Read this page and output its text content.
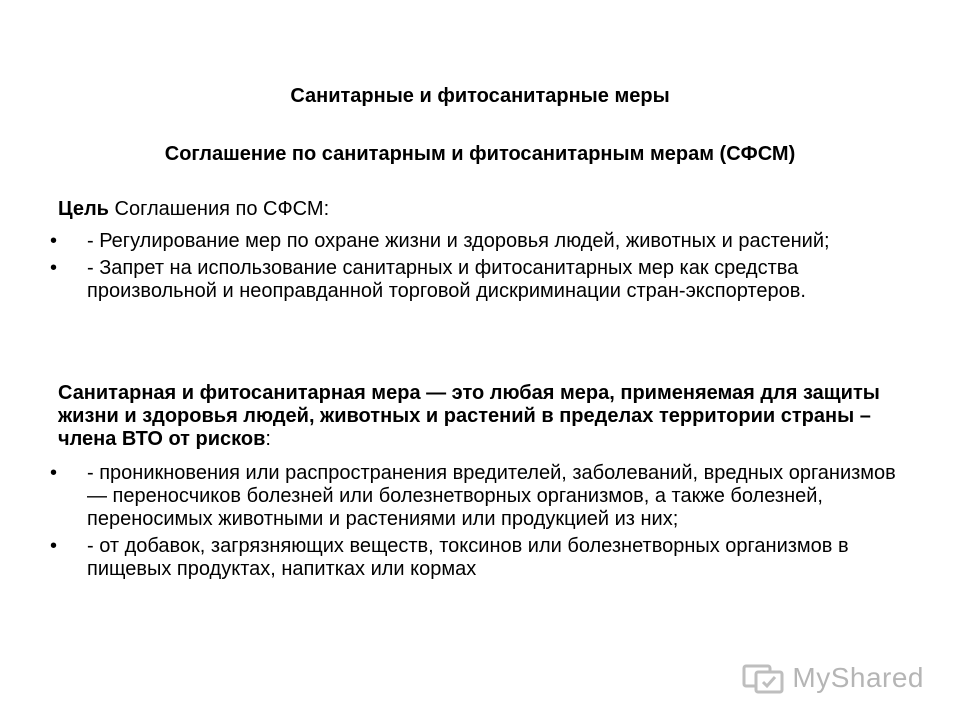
Санитарные и фитосанитарные меры
Соглашение по санитарным и фитосанитарным мерам (СФСМ)
Цель Соглашения по СФСМ:
• - Регулирование мер по охране жизни и здоровья людей, животных и растений;
• - Запрет на использование санитарных и фитосанитарных мер как средства произвольной и неоправданной торговой дискриминации стран-экспортеров.
Санитарная и фитосанитарная мера — это любая мера, применяемая для защиты жизни и здоровья людей, животных и растений в пределах территории страны – члена ВТО от рисков:
• - проникновения или распространения вредителей, заболеваний, вредных организмов — переносчиков болезней или болезнетворных организмов, а также болезней, переносимых животными и растениями или продукцией из них;
• - от добавок, загрязняющих веществ, токсинов или болезнетворных организмов в пищевых продуктах, напитках или кормах
MyShared
